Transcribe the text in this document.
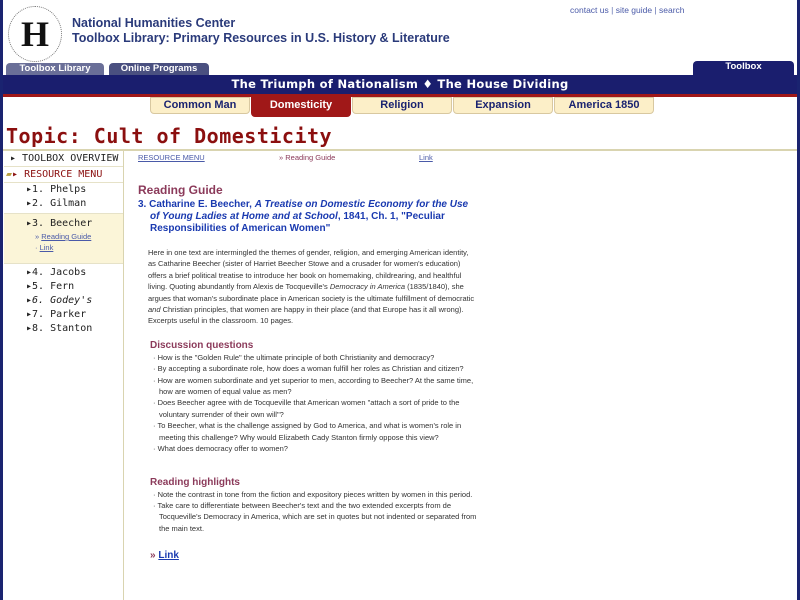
H National Humanities Center
Toolbox Library: Primary Resources in U.S. History & Literature
contact us | site guide | search
Toolbox Library	Online Programs	Toolbox
The Triumph of Nationalism ♦ The House Dividing
Common Man	Domesticity	Religion	Expansion	America 1850
Topic: Cult of Domesticity
▸ TOOLBOX OVERVIEW
▰▸ RESOURCE MENU
▸1. Phelps
▸2. Gilman
▸3. Beecher
» Reading Guide
· Link
▸4. Jacobs
▸5. Fern
▸6. Godey's
▸7. Parker
▸8. Stanton
RESOURCE MENU	» Reading Guide	Link
Reading Guide
3. Catharine E. Beecher, A Treatise on Domestic Economy for the Use of Young Ladies at Home and at School, 1841, Ch. 1, "Peculiar Responsibilities of American Women"
Here in one text are intermingled the themes of gender, religion, and emerging American identity, as Catharine Beecher (sister of Harriet Beecher Stowe and a crusader for women's education) offers a brief political treatise to introduce her book on homemaking, childrearing, and healthful living. Quoting abundantly from Alexis de Tocqueville's Democracy in America (1835/1840), she argues that woman's subordinate place in American society is the ultimate fulfillment of democratic and Christian principles, that women are happy in their place (and that Europe has it all wrong). Excerpts useful in the classroom. 10 pages.
Discussion questions
· How is the "Golden Rule" the ultimate principle of both Christianity and democracy?
· By accepting a subordinate role, how does a woman fulfill her roles as Christian and citizen?
· How are women subordinate and yet superior to men, according to Beecher? At the same time, how are women of equal value as men?
· Does Beecher agree with de Tocqueville that American women "attach a sort of pride to the voluntary surrender of their own will"?
· To Beecher, what is the challenge assigned by God to America, and what is women's role in meeting this challenge? Why would Elizabeth Cady Stanton firmly oppose this view?
· What does democracy offer to women?
Reading highlights
· Note the contrast in tone from the fiction and expository pieces written by women in this period.
· Take care to differentiate between Beecher's text and the two extended excerpts from de Tocqueville's Democracy in America, which are set in quotes but not indented or separated from the main text.
» Link
